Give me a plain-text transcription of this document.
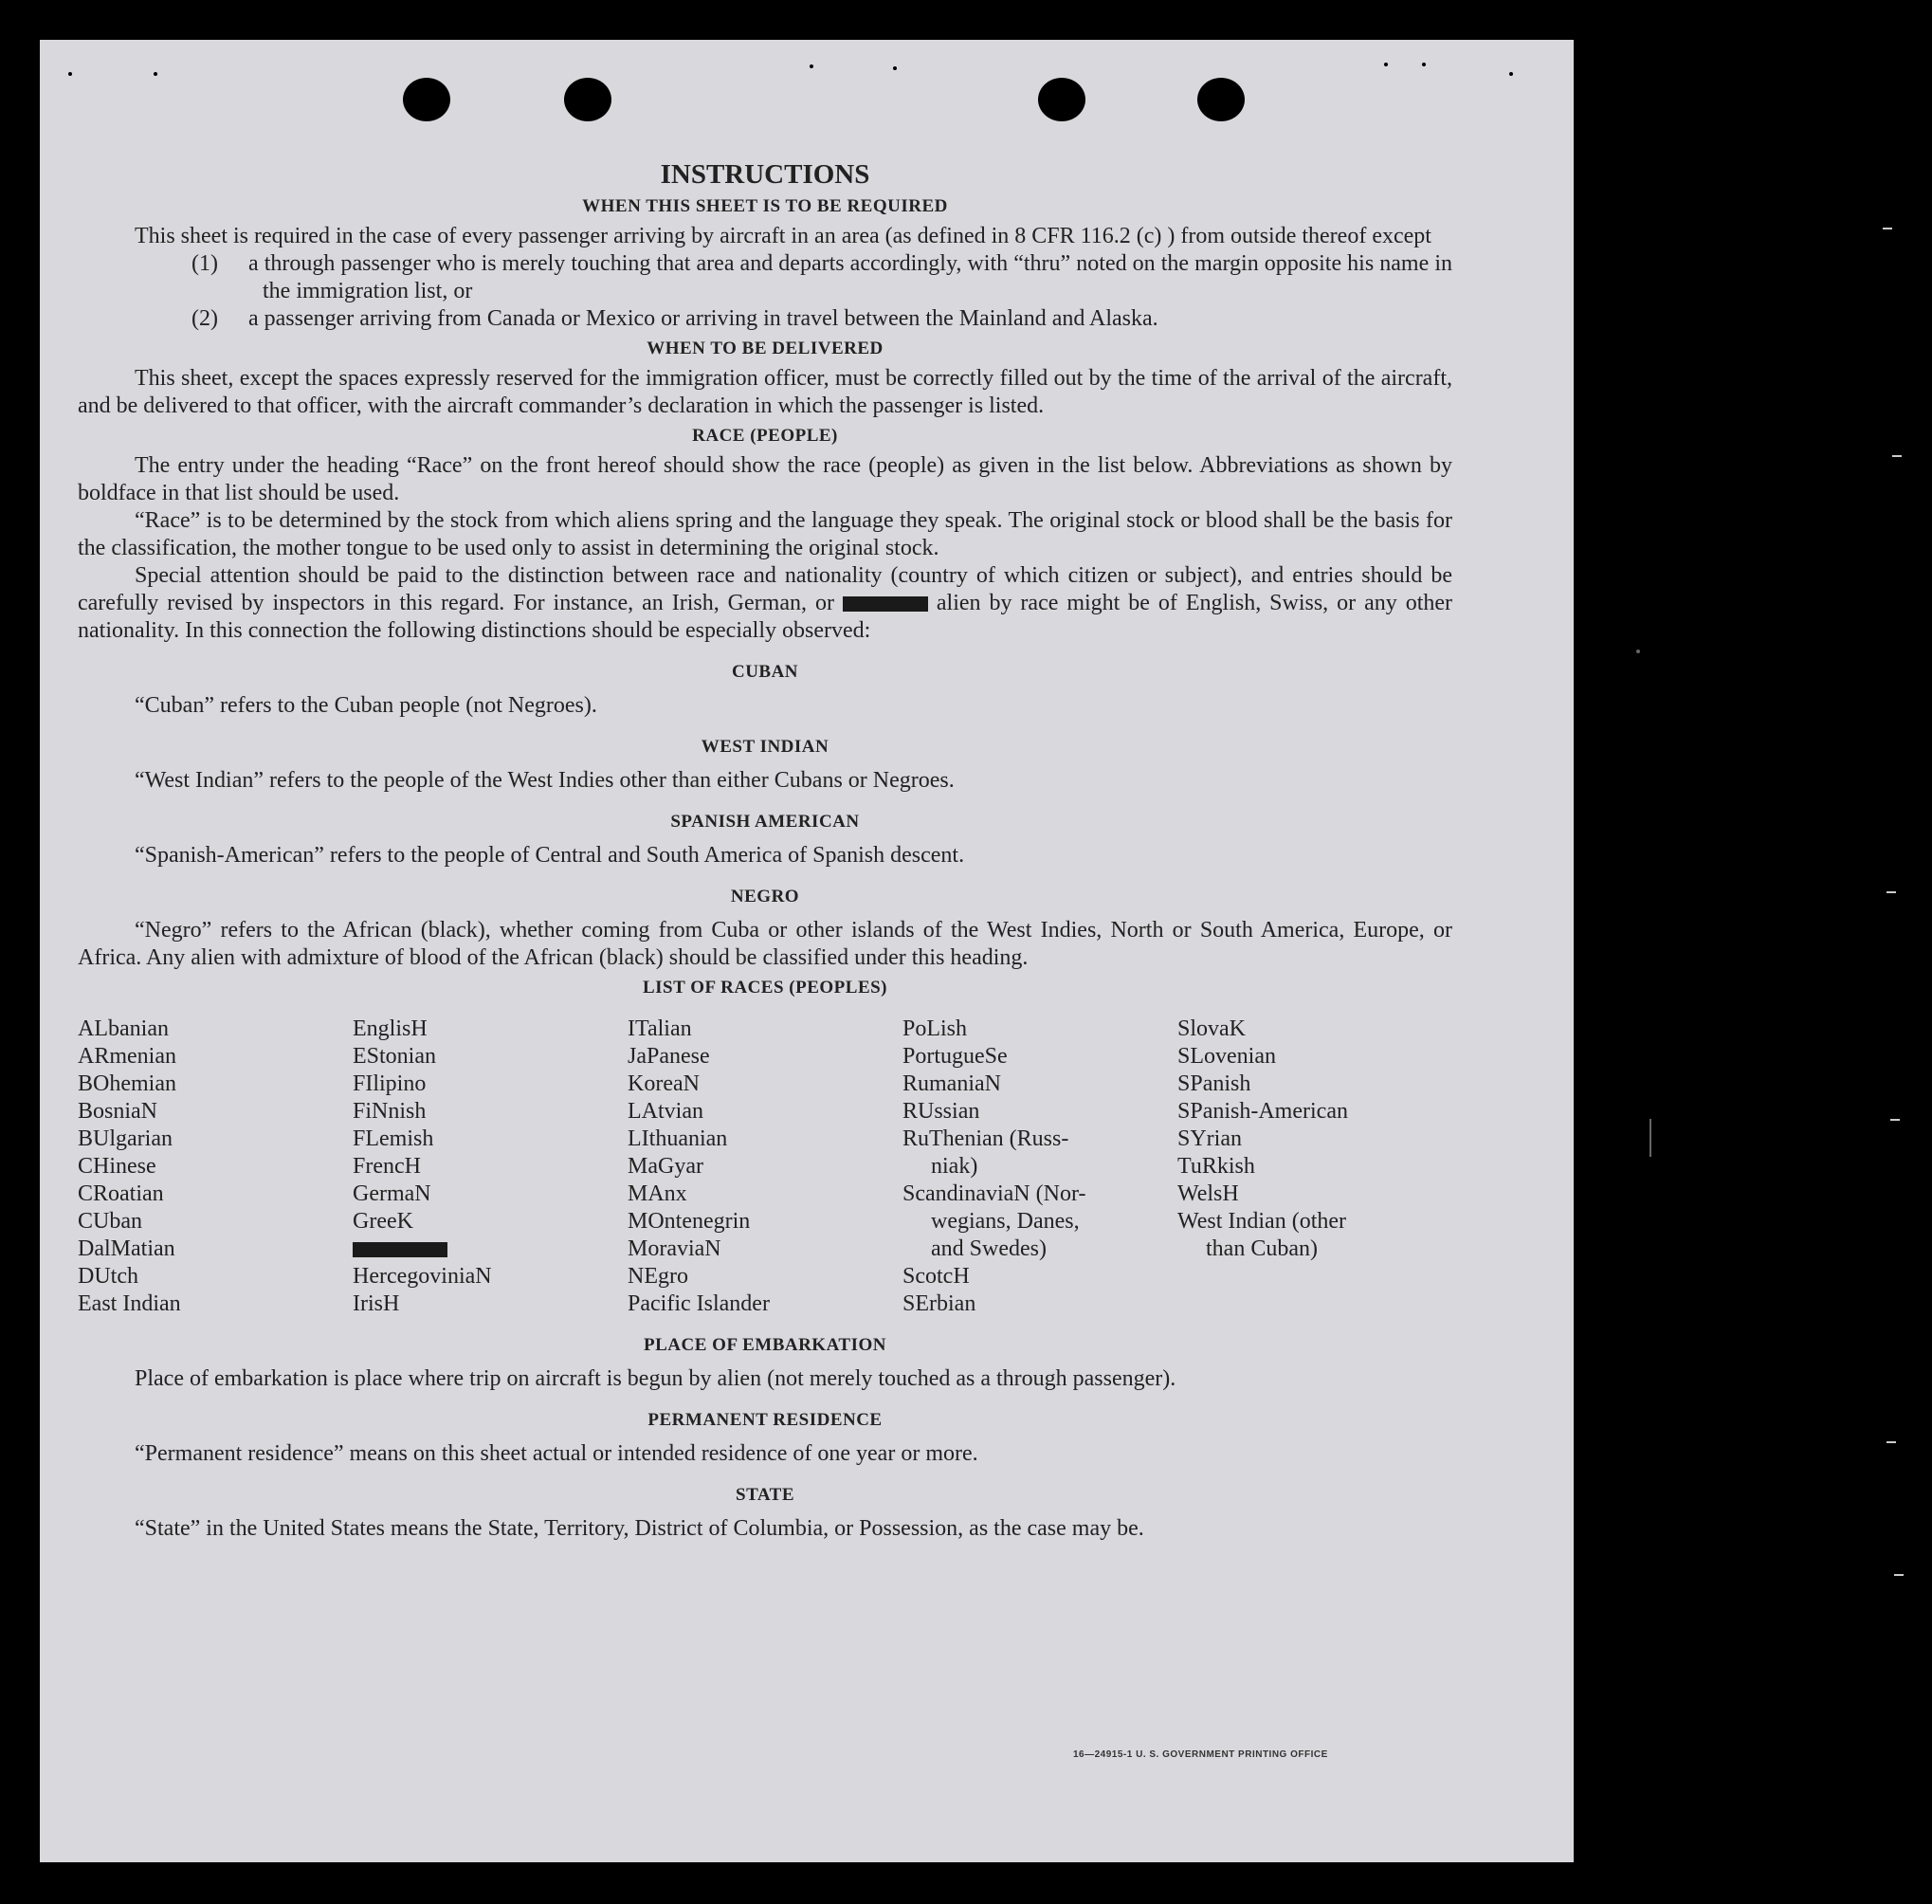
INSTRUCTIONS
WHEN THIS SHEET IS TO BE REQUIRED

This sheet is required in the case of every passenger arriving by aircraft in an area (as defined in 8 CFR 116.2 (c) ) from outside thereof except

(1) a through passenger who is merely touching that area and departs accordingly, with “thru” noted on the margin opposite his name in the immigration list, or

(2) a passenger arriving from Canada or Mexico or arriving in travel between the Mainland and Alaska.

WHEN TO BE DELIVERED

This sheet, except the spaces expressly reserved for the immigration officer, must be correctly filled out by the time of the arrival of the aircraft, and be delivered to that officer, with the aircraft commander’s declaration in which the passenger is listed.

RACE (PEOPLE)

The entry under the heading “Race” on the front hereof should show the race (people) as given in the list below. Abbreviations as shown by boldface in that list should be used.

“Race” is to be determined by the stock from which aliens spring and the language they speak. The original stock or blood shall be the basis for the classification, the mother tongue to be used only to assist in determining the original stock.

Special attention should be paid to the distinction between race and nationality (country of which citizen or subject), and entries should be carefully revised by inspectors in this regard. For instance, an Irish, German, or	alien by race might be of English, Swiss, or any other nationality. In this connection the following distinctions should be especially observed:

CUBAN

“Cuban” refers to the Cuban people (not Negroes).

WEST INDIAN

“West Indian” refers to the people of the West Indies other than either Cubans or Negroes.

SPANISH AMERICAN

“Spanish-American” refers to the people of Central and South America of Spanish descent.

NEGRO

“Negro” refers to the African (black), whether coming from Cuba or other islands of the West Indies, North or South America, Europe, or Africa. Any alien with admixture of blood of the African (black) should be classified under this heading.

LIST OF RACES (PEOPLES)
ALbanian
ARmenian
BOhemian
BosniaN
BUlgarian
CHinese
CRoatian
CUban
DalMatian
DUtch
East Indian
EnglisH
EStonian
FIlipino
FiNnish
FLemish
FrencH
GermaN
GreeK
HercegoviniaN
IrisH
ITalian
JaPanese
KoreaN
LAtvian
LIthuanian
MaGyar
MAnx
MOntenegrin
MoraviaN
NEgro
Pacific Islander
PoLish
PortugueSe
RumaniaN
RUssian
RuThenian (Russ-
niak)
ScandinaviaN (Nor-
wegians, Danes,
and Swedes)
ScotcH
SErbian
SlovaK
SLovenian
SPanish
SPanish-American
SYrian
TuRkish
WelsH
West Indian (other
than Cuban)
PLACE OF EMBARKATION

Place of embarkation is place where trip on aircraft is begun by alien (not merely touched as a through passenger).

PERMANENT RESIDENCE

“Permanent residence” means on this sheet actual or intended residence of one year or more.

STATE

“State” in the United States means the State, Territory, District of Columbia, or Possession, as the case may be.

16—24915-1 U. S. GOVERNMENT PRINTING OFFICE
